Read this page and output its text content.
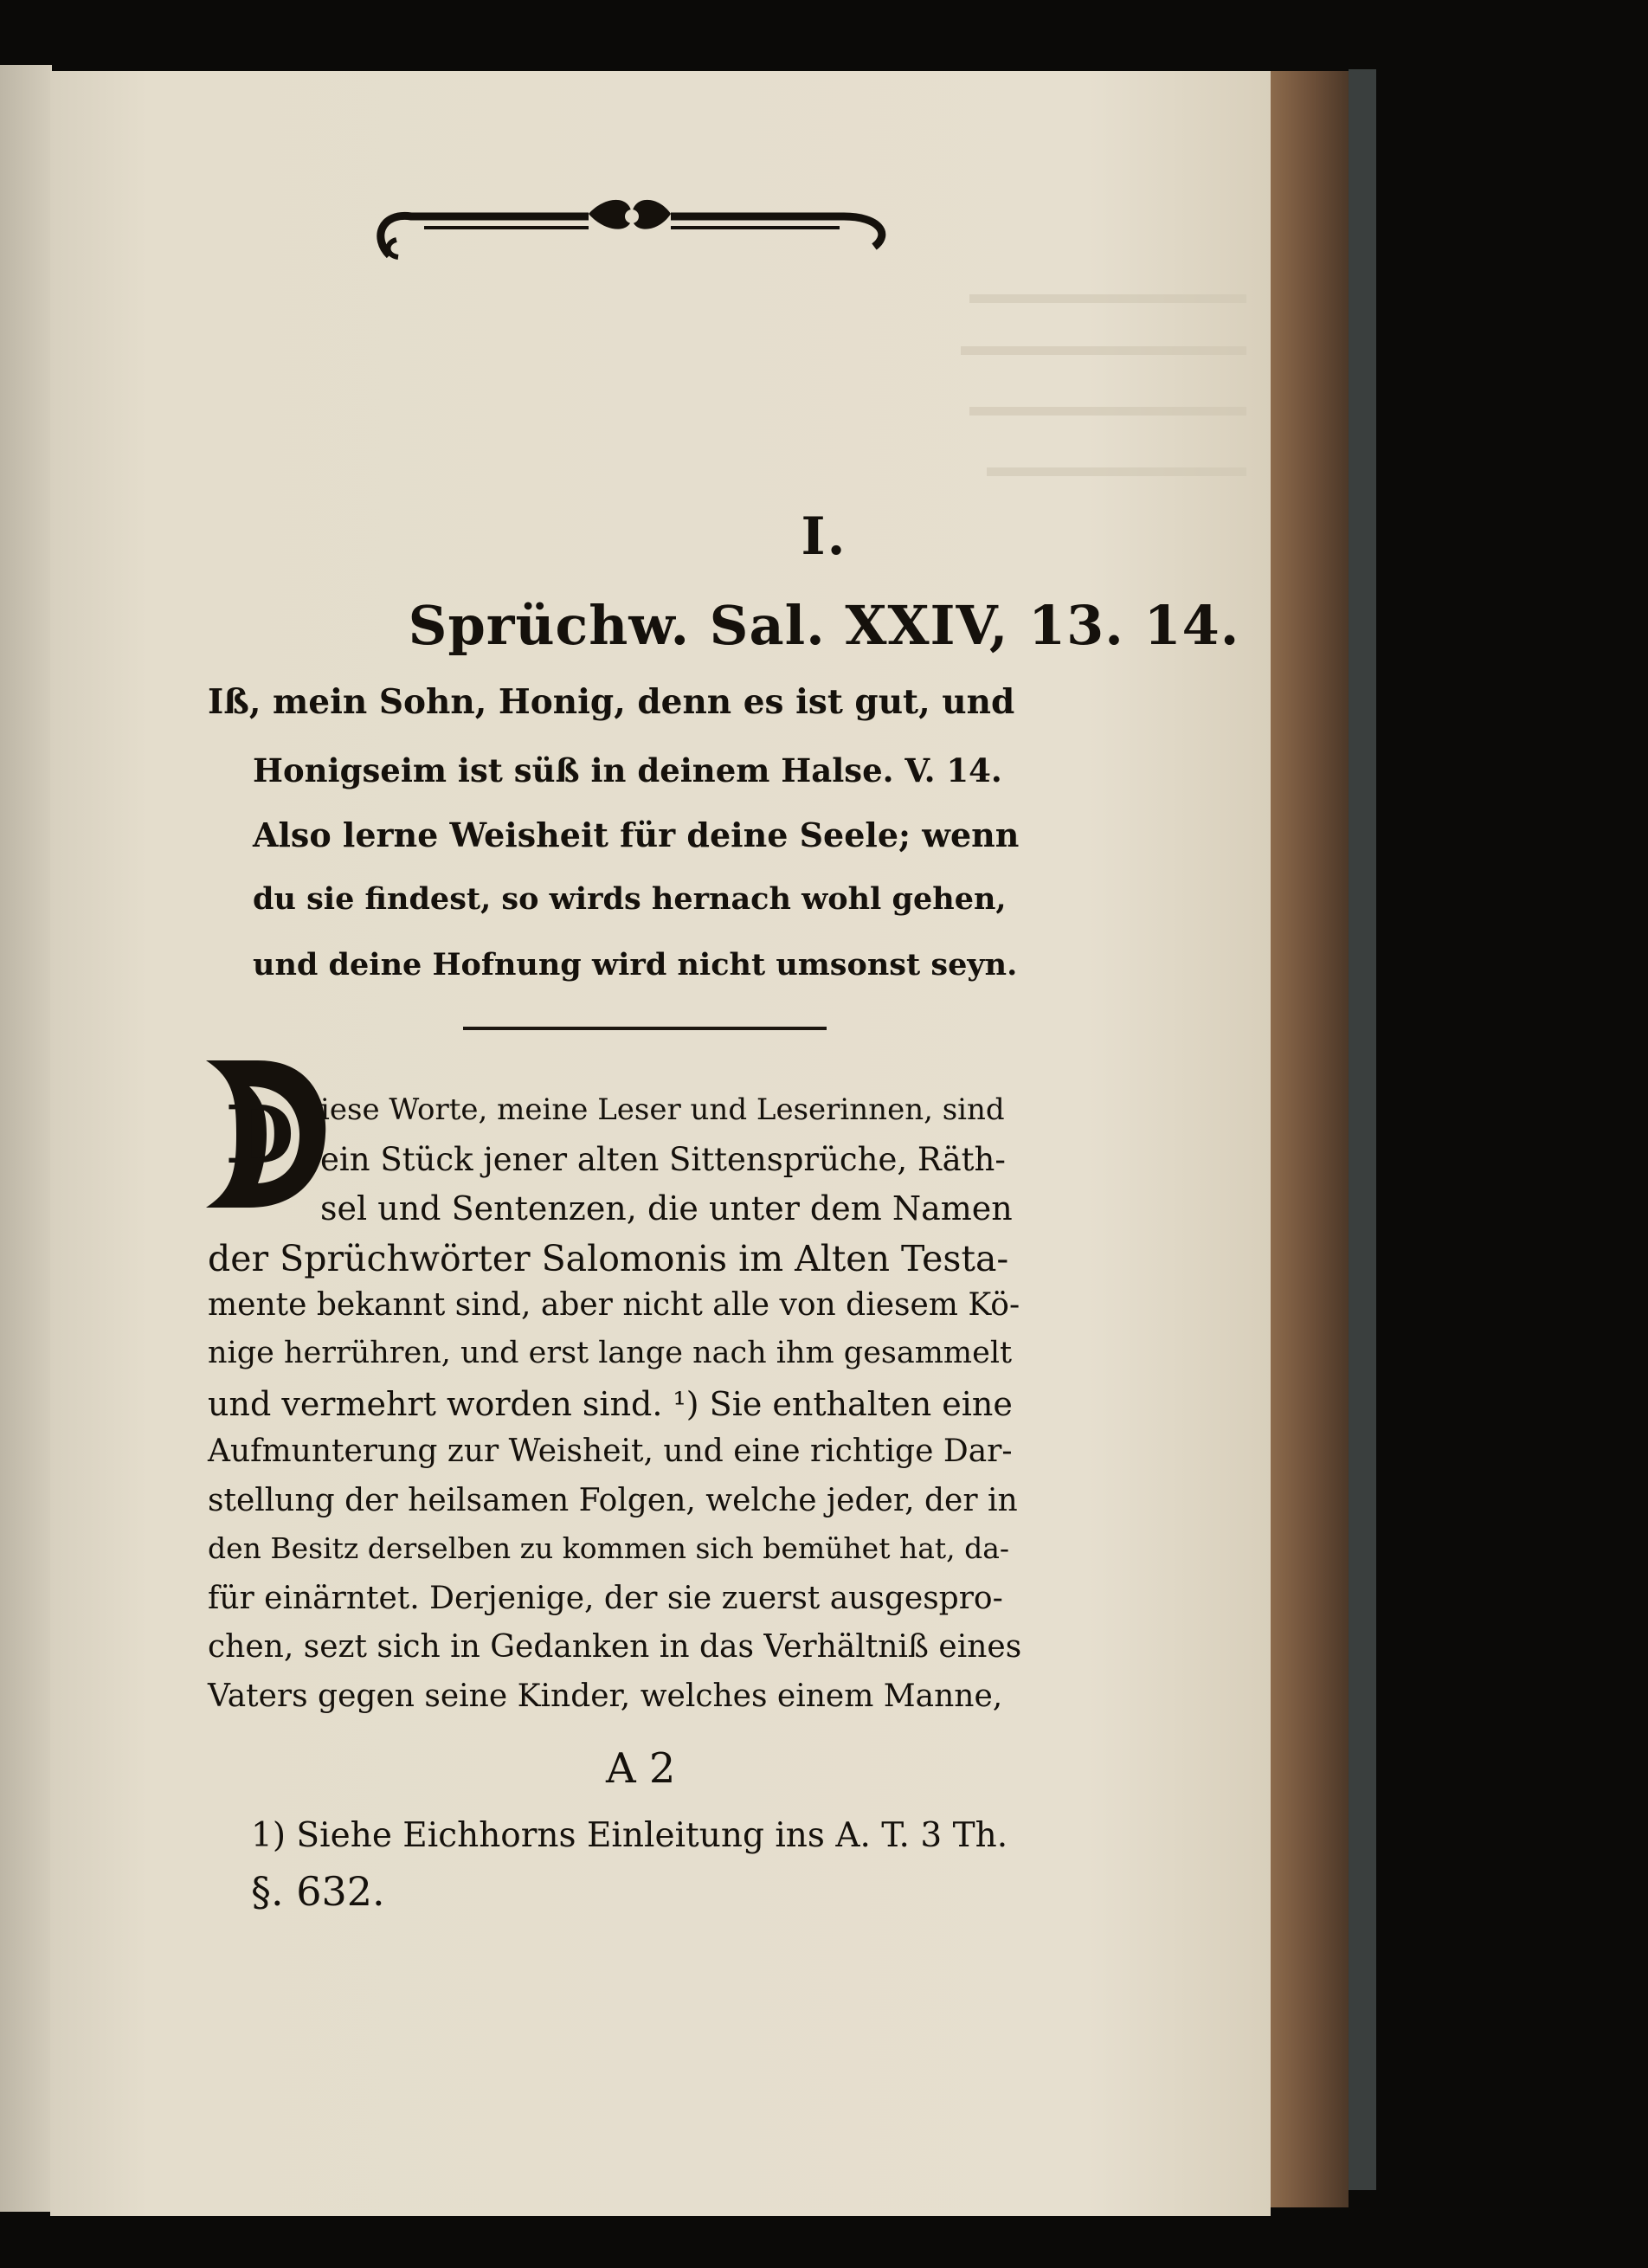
I.
Sprüchw. Sal. XXIV, 13. 14.
Iß, mein Sohn, Honig, denn es ist gut, und
Honigseim ist süß in deinem Halse. V. 14.
Also lerne Weisheit für deine Seele; wenn
du sie findest, so wirds hernach wohl gehen,
und deine Hofnung wird nicht umsonst seyn.
D iese Worte, meine Leser und Leserinnen, sind
ein Stück jener alten Sittensprüche, Räth-
sel und Sentenzen, die unter dem Namen
der Sprüchwörter Salomonis im Alten Testa-
mente bekannt sind, aber nicht alle von diesem Kö-
nige herrühren, und erst lange nach ihm gesammelt
und vermehrt worden sind. ¹) Sie enthalten eine
Aufmunterung zur Weisheit, und eine richtige Dar-
stellung der heilsamen Folgen, welche jeder, der in
den Besitz derselben zu kommen sich bemühet hat, da-
für einärntet. Derjenige, der sie zuerst ausgespro-
chen, sezt sich in Gedanken in das Verhältniß eines
Vaters gegen seine Kinder, welches einem Manne,
A 2
1) Siehe Eichhorns Einleitung ins A. T. 3 Th.
§. 632.
